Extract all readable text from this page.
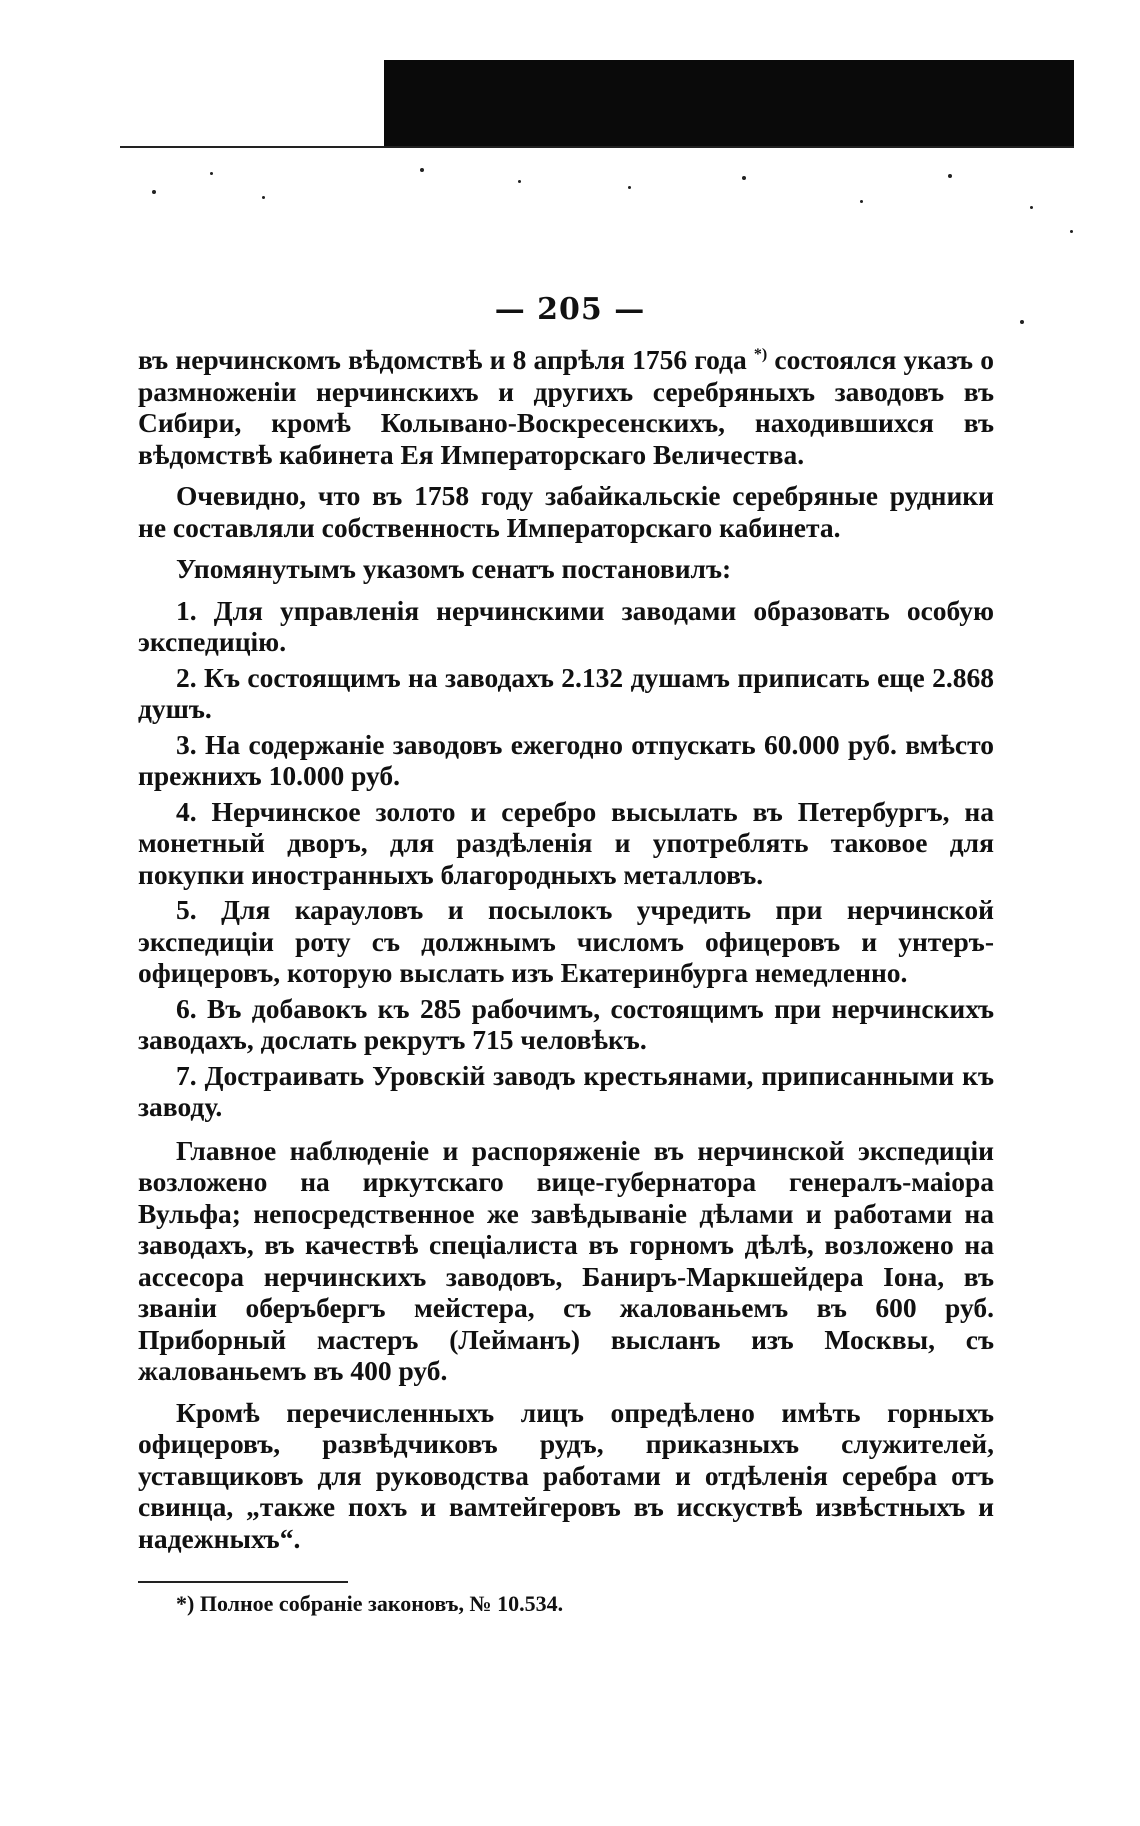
— 205 —

въ нерчинскомъ вѣдомствѣ и 8 апрѣля 1756 года *) состоялся указъ о размноженіи нерчинскихъ и другихъ серебряныхъ заводовъ въ Сибири, кромѣ Колывано-Воскресенскихъ, находившихся въ вѣдомствѣ кабинета Ея Императорскаго Величества.

Очевидно, что въ 1758 году забайкальскіе серебряные рудники не составляли собственность Императорскаго кабинета.

Упомянутымъ указомъ сенатъ постановилъ:

1. Для управленія нерчинскими заводами образовать особую экспедицію.

2. Къ состоящимъ на заводахъ 2.132 душамъ приписать еще 2.868 душъ.

3. На содержаніе заводовъ ежегодно отпускать 60.000 руб. вмѣсто прежнихъ 10.000 руб.

4. Нерчинское золото и серебро высылать въ Петербургъ, на монетный дворъ, для раздѣленія и употреблять таковое для покупки иностранныхъ благородныхъ металловъ.

5. Для карауловъ и посылокъ учредить при нерчинской экспедиціи роту съ должнымъ числомъ офицеровъ и унтеръ-офицеровъ, которую выслать изъ Екатеринбурга немедленно.

6. Въ добавокъ къ 285 рабочимъ, состоящимъ при нерчинскихъ заводахъ, дослать рекрутъ 715 человѣкъ.

7. Достраивать Уровскій заводъ крестьянами, приписанными къ заводу.

Главное наблюденіе и распоряженіе въ нерчинской экспедиціи возложено на иркутскаго вице-губернатора генералъ-маіора Вульфа; непосредственное же завѣдываніе дѣлами и работами на заводахъ, въ качествѣ спеціалиста въ горномъ дѣлѣ, возложено на ассесора нерчинскихъ заводовъ, Баниръ-Маркшейдера Іона, въ званіи оберъбергъ мейстера, съ жалованьемъ въ 600 руб. Приборный мастеръ (Лейманъ) высланъ изъ Москвы, съ жалованьемъ въ 400 руб.

Кромѣ перечисленныхъ лицъ опредѣлено имѣть горныхъ офицеровъ, развѣдчиковъ рудъ, приказныхъ служителей, уставщиковъ для руководства работами и отдѣленія серебра отъ свинца, „также поxъ и вамтейгеровъ въ исскуствѣ извѣстныхъ и надежныхъ“.

*) Полное собраніе законовъ, № 10.534.
